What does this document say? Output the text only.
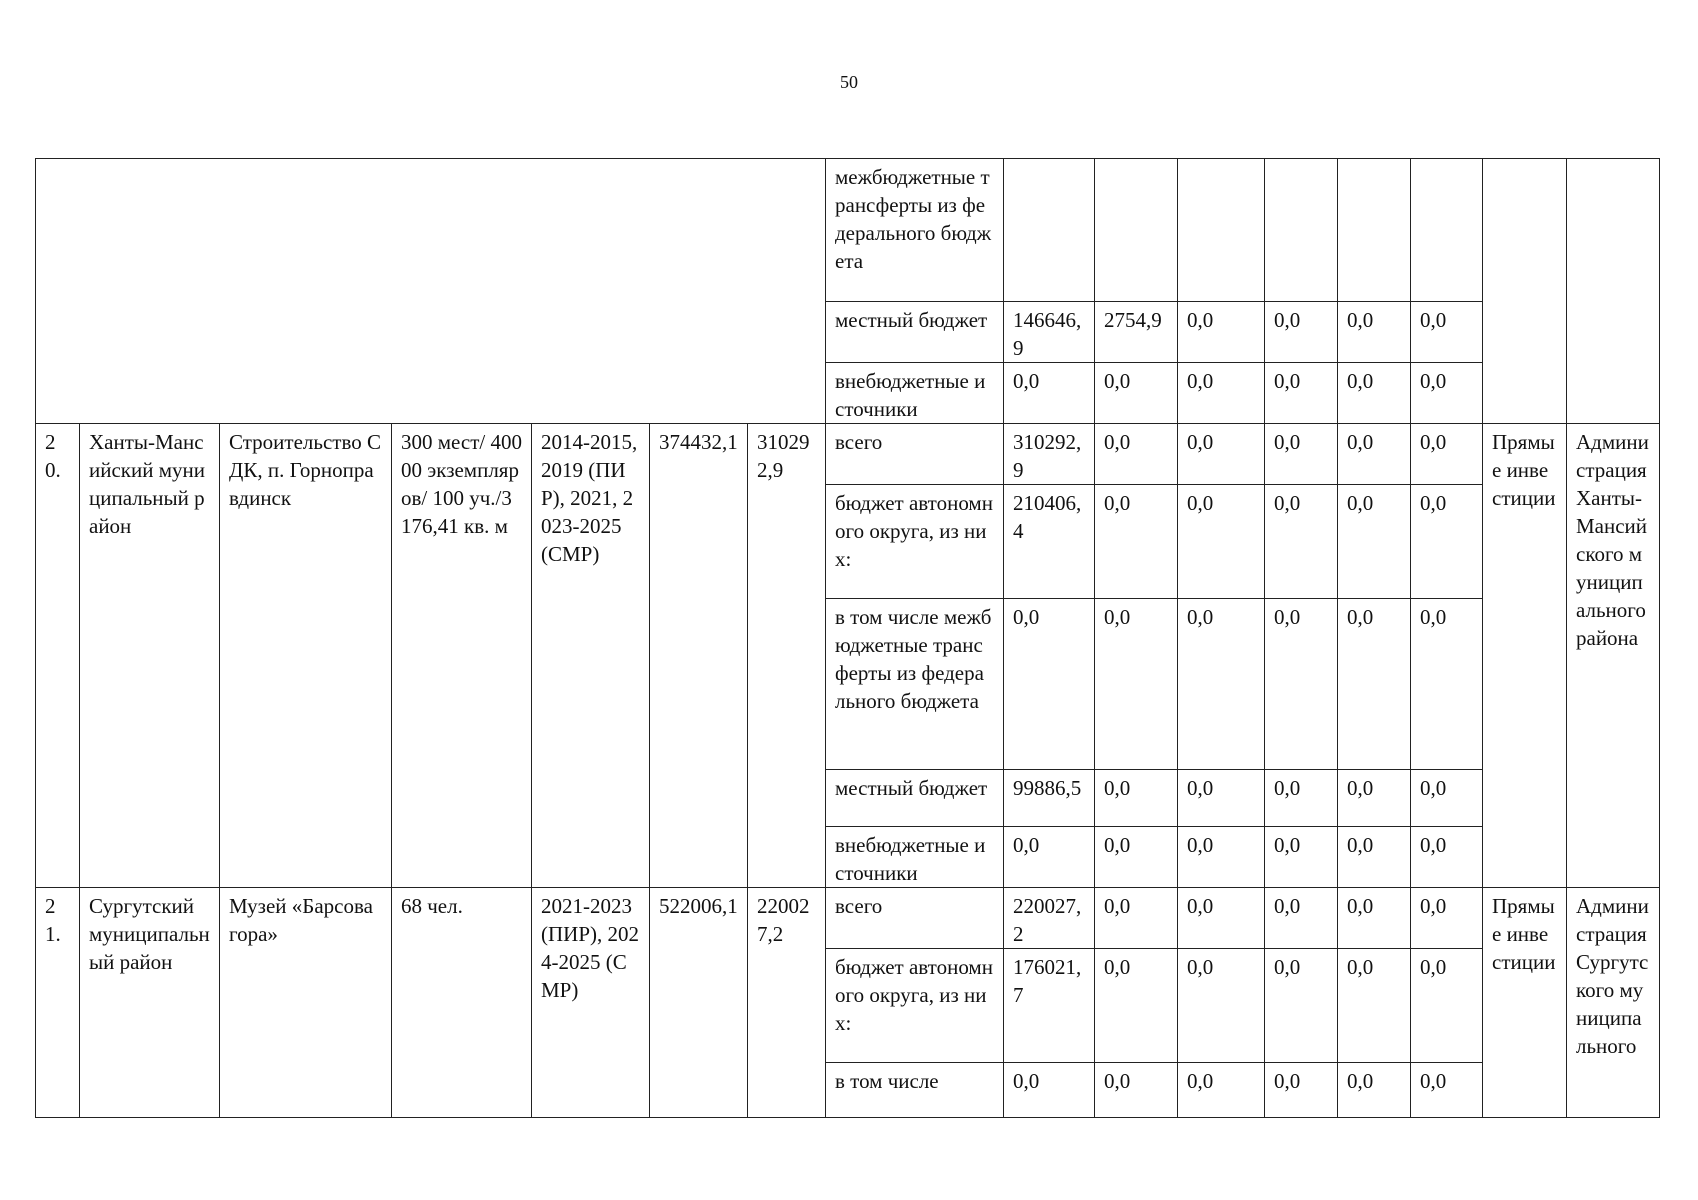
50
							межбюджетные трансферты из федерального бюджета								
							местный бюджет	146646,9	2754,9	0,0	0,0	0,0	0,0		
							внебюджетные источники	0,0	0,0	0,0	0,0	0,0	0,0		
20.	Ханты-Мансийский муниципальный район	Строительство СДК, п. Горноправдинск	300 мест/ 40000 экземпляров/ 100 уч./3176,41 кв. м	2014-2015, 2019 (ПИР), 2021, 2023-2025 (СМР)	374432,1	310292,9	всего	310292,9	0,0	0,0	0,0	0,0	0,0	Прямые инвестиции	Администрация Ханты-Мансийского муниципального района
							бюджет автономного округа, из них:	210406,4	0,0	0,0	0,0	0,0	0,0		
							в том числе межбюджетные трансферты из федерального бюджета	0,0	0,0	0,0	0,0	0,0	0,0		
							местный бюджет	99886,5	0,0	0,0	0,0	0,0	0,0		
							внебюджетные источники	0,0	0,0	0,0	0,0	0,0	0,0		
21.	Сургутский муниципальный район	Музей «Барсова гора»	68 чел.	2021-2023 (ПИР), 2024-2025 (СМР)	522006,1	220027,2	всего	220027,2	0,0	0,0	0,0	0,0	0,0	Прямые инвестиции	Администрация Сургутского муниципального
							бюджет автономного округа, из них:	176021,7	0,0	0,0	0,0	0,0	0,0		
							в том числе	0,0	0,0	0,0	0,0	0,0	0,0		
